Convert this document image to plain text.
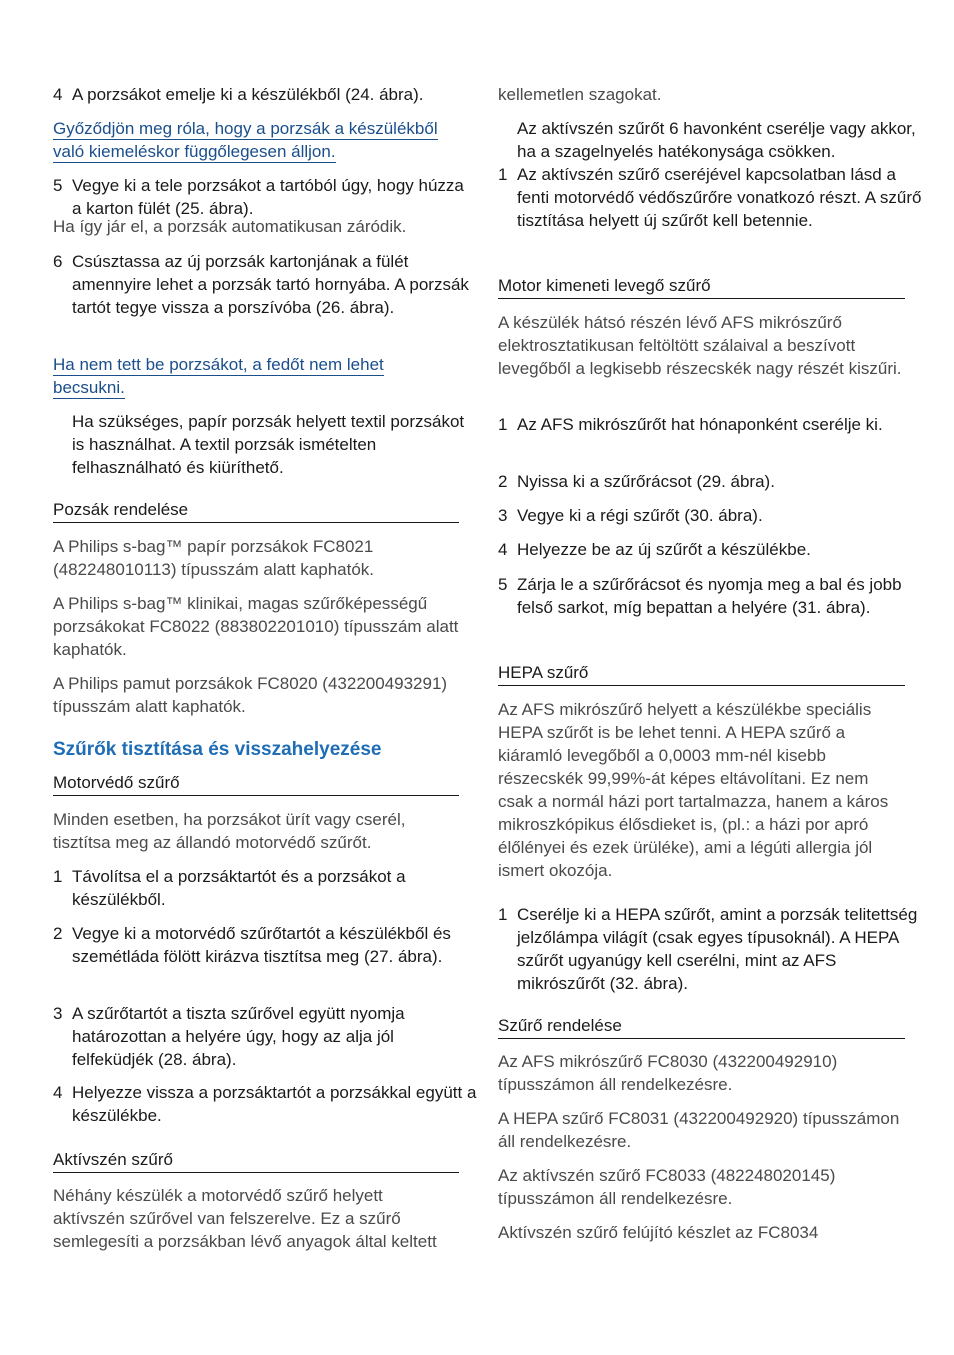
4 A porzsákot emelje ki a készülékből (24. ábra).
Győződjön meg róla, hogy a porzsák a készülékből
való kiemeléskor függőlegesen álljon.
5 Vegye ki a tele porzsákot a tartóból úgy, hogy húzza a karton fülét (25. ábra).
Ha így jár el, a porzsák automatikusan záródik.
6 Csúsztassa az új porzsák kartonjának a fülét amennyire lehet a porzsák tartó hornyába. A porzsák tartót tegye vissza a porszívóba (26. ábra).
Ha nem tett be porzsákot, a fedőt nem lehet
becsukni.
Ha szükséges, papír porzsák helyett textil porzsákot is használhat. A textil porzsák ismételten felhasználható és kiüríthető.
Pozsák rendelése
A Philips s-bag™ papír porzsákok FC8021 (482248010113) típusszám alatt kaphatók.
A Philips s-bag™ klinikai, magas szűrőképességű porzsákokat FC8022 (883802201010) típusszám alatt kaphatók.
A Philips pamut porzsákok FC8020 (432200493291) típusszám alatt kaphatók.
Szűrők tisztítása és visszahelyezése
Motorvédő szűrő
Minden esetben, ha porzsákot ürít vagy cserél, tisztítsa meg az állandó motorvédő szűrőt.
1 Távolítsa el a porzsáktartót és a porzsákot a készülékből.
2 Vegye ki a motorvédő szűrőtartót a készülékből és szemétláda fölött kirázva tisztítsa meg (27. ábra).
3 A szűrőtartót a tiszta szűrővel együtt nyomja határozottan a helyére úgy, hogy az alja jól felfeküdjék (28. ábra).
4 Helyezze vissza a porzsáktartót a porzsákkal együtt a készülékbe.
Aktívszén szűrő
Néhány készülék a motorvédő szűrő helyett aktívszén szűrővel van felszerelve. Ez a szűrő semlegesíti a porzsákban lévő anyagok által keltett
kellemetlen szagokat.
Az aktívszén szűrőt 6 havonként cserélje vagy akkor, ha a szagelnyelés hatékonysága csökken.
1 Az aktívszén szűrő cseréjével kapcsolatban lásd a fenti motorvédő védőszűrőre vonatkozó részt. A szűrő tisztítása helyett új szűrőt kell betennie.
Motor kimeneti levegő szűrő
A készülék hátsó részén lévő AFS mikrószűrő elektrosztatikusan feltöltött szálaival a beszívott levegőből a legkisebb részecskék nagy részét kiszűri.
1 Az AFS mikrószűrőt hat hónaponként cserélje ki.
2 Nyissa ki a szűrőrácsot (29. ábra).
3 Vegye ki a régi szűrőt (30. ábra).
4 Helyezze be az új szűrőt a készülékbe.
5 Zárja le a szűrőrácsot és nyomja meg a bal és jobb felső sarkot, míg bepattan a helyére (31. ábra).
HEPA szűrő
Az AFS mikrószűrő helyett a készülékbe speciális HEPA szűrőt is be lehet tenni. A HEPA szűrő a kiáramló levegőből a 0,0003 mm-nél kisebb részecskék 99,99%-át képes eltávolítani. Ez nem csak a normál házi port tartalmazza, hanem a káros mikroszkópikus élősdieket is, (pl.: a házi por apró élőlényei és ezek ürüléke), ami a légúti allergia jól ismert okozója.
1 Cserélje ki a HEPA szűrőt, amint a porzsák telitettség jelzőlámpa világít (csak egyes típusoknál). A HEPA szűrőt ugyanúgy kell cserélni, mint az AFS mikrószűrőt (32. ábra).
Szűrő rendelése
Az AFS mikrószűrő FC8030 (432200492910) típusszámon áll rendelkezésre.
A HEPA szűrő FC8031 (432200492920) típusszámon áll rendelkezésre.
Az aktívszén szűrő FC8033 (482248020145) típusszámon áll rendelkezésre.
Aktívszén szűrő felújító készlet az FC8034
